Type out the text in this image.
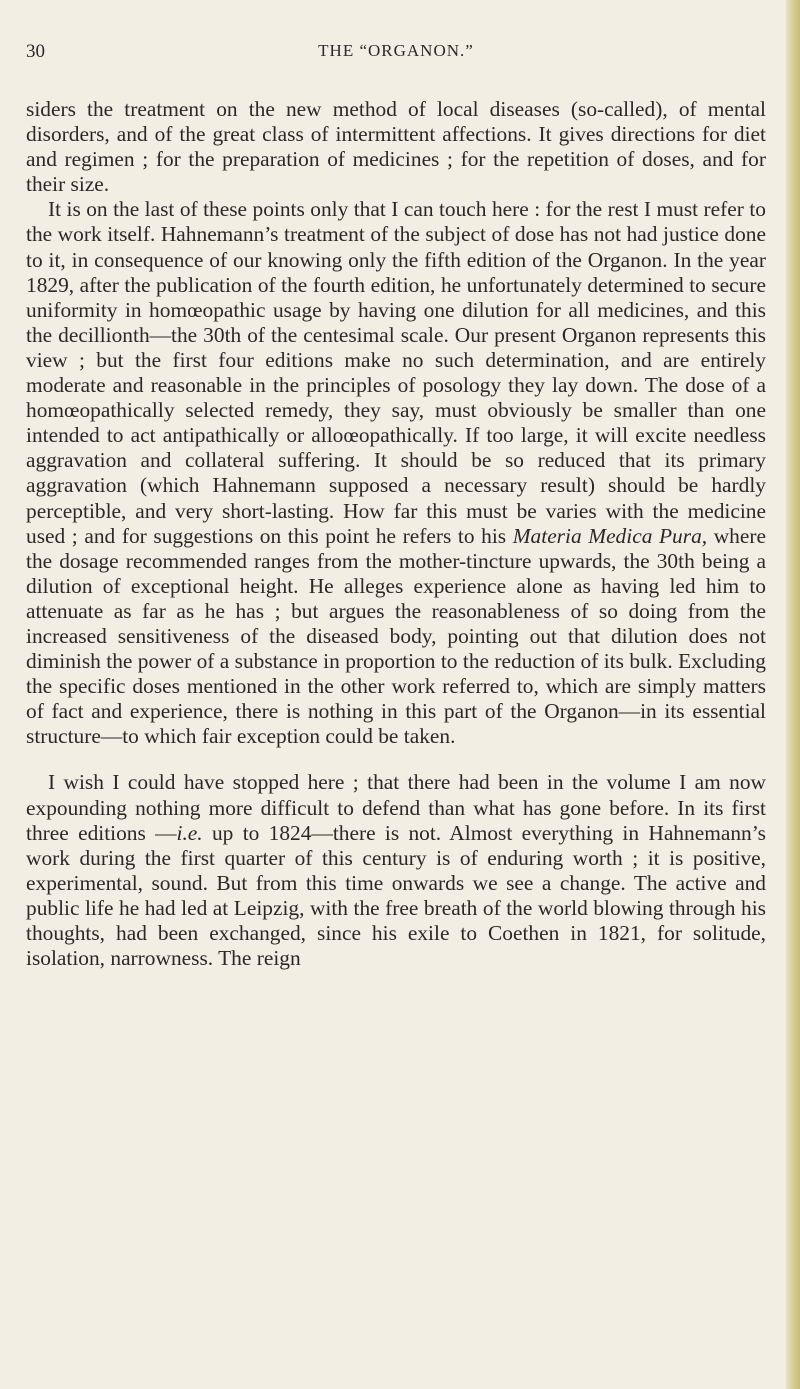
30	THE “ORGANON.”

siders the treatment on the new method of local diseases (so-called), of mental disorders, and of the great class of intermittent affections. It gives directions for diet and regimen ; for the preparation of medicines ; for the repetition of doses, and for their size.

It is on the last of these points only that I can touch here : for the rest I must refer to the work itself. Hahnemann’s treatment of the subject of dose has not had justice done to it, in consequence of our knowing only the fifth edition of the Organon. In the year 1829, after the publication of the fourth edition, he unfortunately determined to secure uniformity in homœopathic usage by having one dilution for all medicines, and this the decillionth—the 30th of the centesimal scale. Our present Organon represents this view ; but the first four editions make no such determination, and are entirely moderate and reasonable in the principles of posology they lay down. The dose of a homœopathically selected remedy, they say, must obviously be smaller than one intended to act antipathically or alloœopathically. If too large, it will excite needless aggravation and collateral suffering. It should be so reduced that its primary aggravation (which Hahnemann supposed a necessary result) should be hardly perceptible, and very short-lasting. How far this must be varies with the medicine used ; and for suggestions on this point he refers to his Materia Medica Pura, where the dosage recommended ranges from the mother-tincture upwards, the 30th being a dilution of exceptional height. He alleges experience alone as having led him to attenuate as far as he has ; but argues the reasonableness of so doing from the increased sensitiveness of the diseased body, pointing out that dilution does not diminish the power of a substance in proportion to the reduction of its bulk. Excluding the specific doses mentioned in the other work referred to, which are simply matters of fact and experience, there is nothing in this part of the Organon—in its essential structure—to which fair exception could be taken.

I wish I could have stopped here ; that there had been in the volume I am now expounding nothing more difficult to defend than what has gone before. In its first three editions —i.e. up to 1824—there is not. Almost everything in Hahnemann’s work during the first quarter of this century is of enduring worth ; it is positive, experimental, sound. But from this time onwards we see a change. The active and public life he had led at Leipzig, with the free breath of the world blowing through his thoughts, had been exchanged, since his exile to Coethen in 1821, for solitude, isolation, narrowness. The reign
